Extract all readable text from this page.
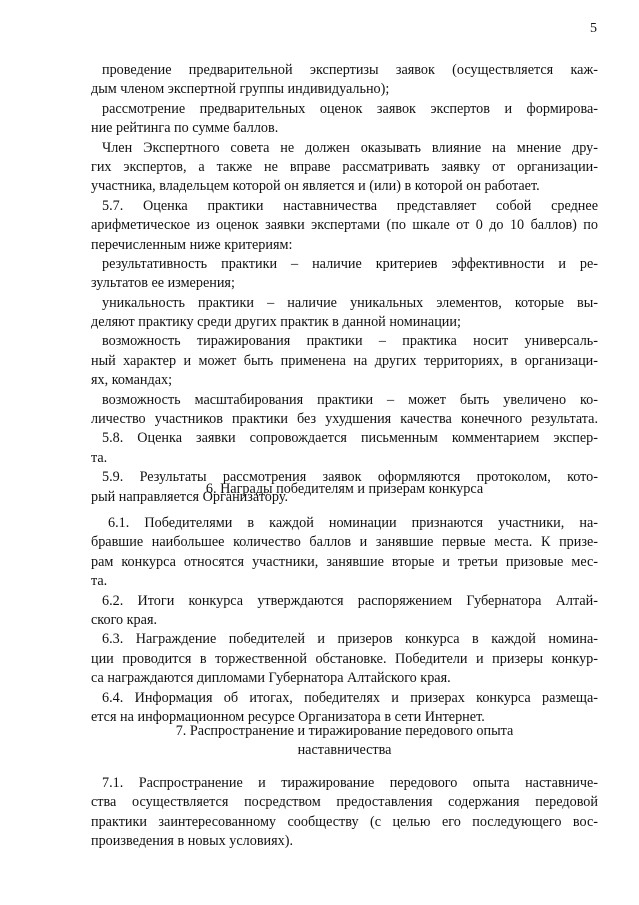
5
проведение предварительной экспертизы заявок (осуществляется каж-
дым членом экспертной группы индивидуально);
рассмотрение предварительных оценок заявок экспертов и формирова-
ние рейтинга по сумме баллов.
Член Экспертного совета не должен оказывать влияние на мнение дру-
гих экспертов, а также не вправе рассматривать заявку от организации-
участника, владельцем которой он является и (или) в которой он работает.
5.7. Оценка практики наставничества представляет собой среднее
арифметическое из оценок заявки экспертами (по шкале от 0 до 10 баллов) по
перечисленным ниже критериям:
результативность практики – наличие критериев эффективности и ре-
зультатов ее измерения;
уникальность практики – наличие уникальных элементов, которые вы-
деляют практику среди других практик в данной номинации;
возможность тиражирования практики – практика носит универсаль-
ный характер и может быть применена на других территориях, в организаци-
ях, командах;
возможность масштабирования практики – может быть увеличено ко-
личество участников практики без ухудшения качества конечного результата.
5.8. Оценка заявки сопровождается письменным комментарием экспер-
та.
5.9. Результаты рассмотрения заявок оформляются протоколом, кото-
рый направляется Организатору.
6. Награды победителям и призерам конкурса
6.1. Победителями в каждой номинации признаются участники, на-
бравшие наибольшее количество баллов и занявшие первые места. К призе-
рам конкурса относятся участники, занявшие вторые и третьи призовые мес-
та.
6.2. Итоги конкурса утверждаются распоряжением Губернатора Алтай-
ского края.
6.3. Награждение победителей и призеров конкурса в каждой номина-
ции проводится в торжественной обстановке. Победители и призеры конкур-
са награждаются дипломами Губернатора Алтайского края.
6.4. Информация об итогах, победителях и призерах конкурса размеща-
ется на информационном ресурсе Организатора в сети Интернет.
7. Распространение и тиражирование передового опыта
наставничества
7.1. Распространение и тиражирование передового опыта наставниче-
ства осуществляется посредством предоставления содержания передовой
практики заинтересованному сообществу (с целью его последующего вос-
произведения в новых условиях).
